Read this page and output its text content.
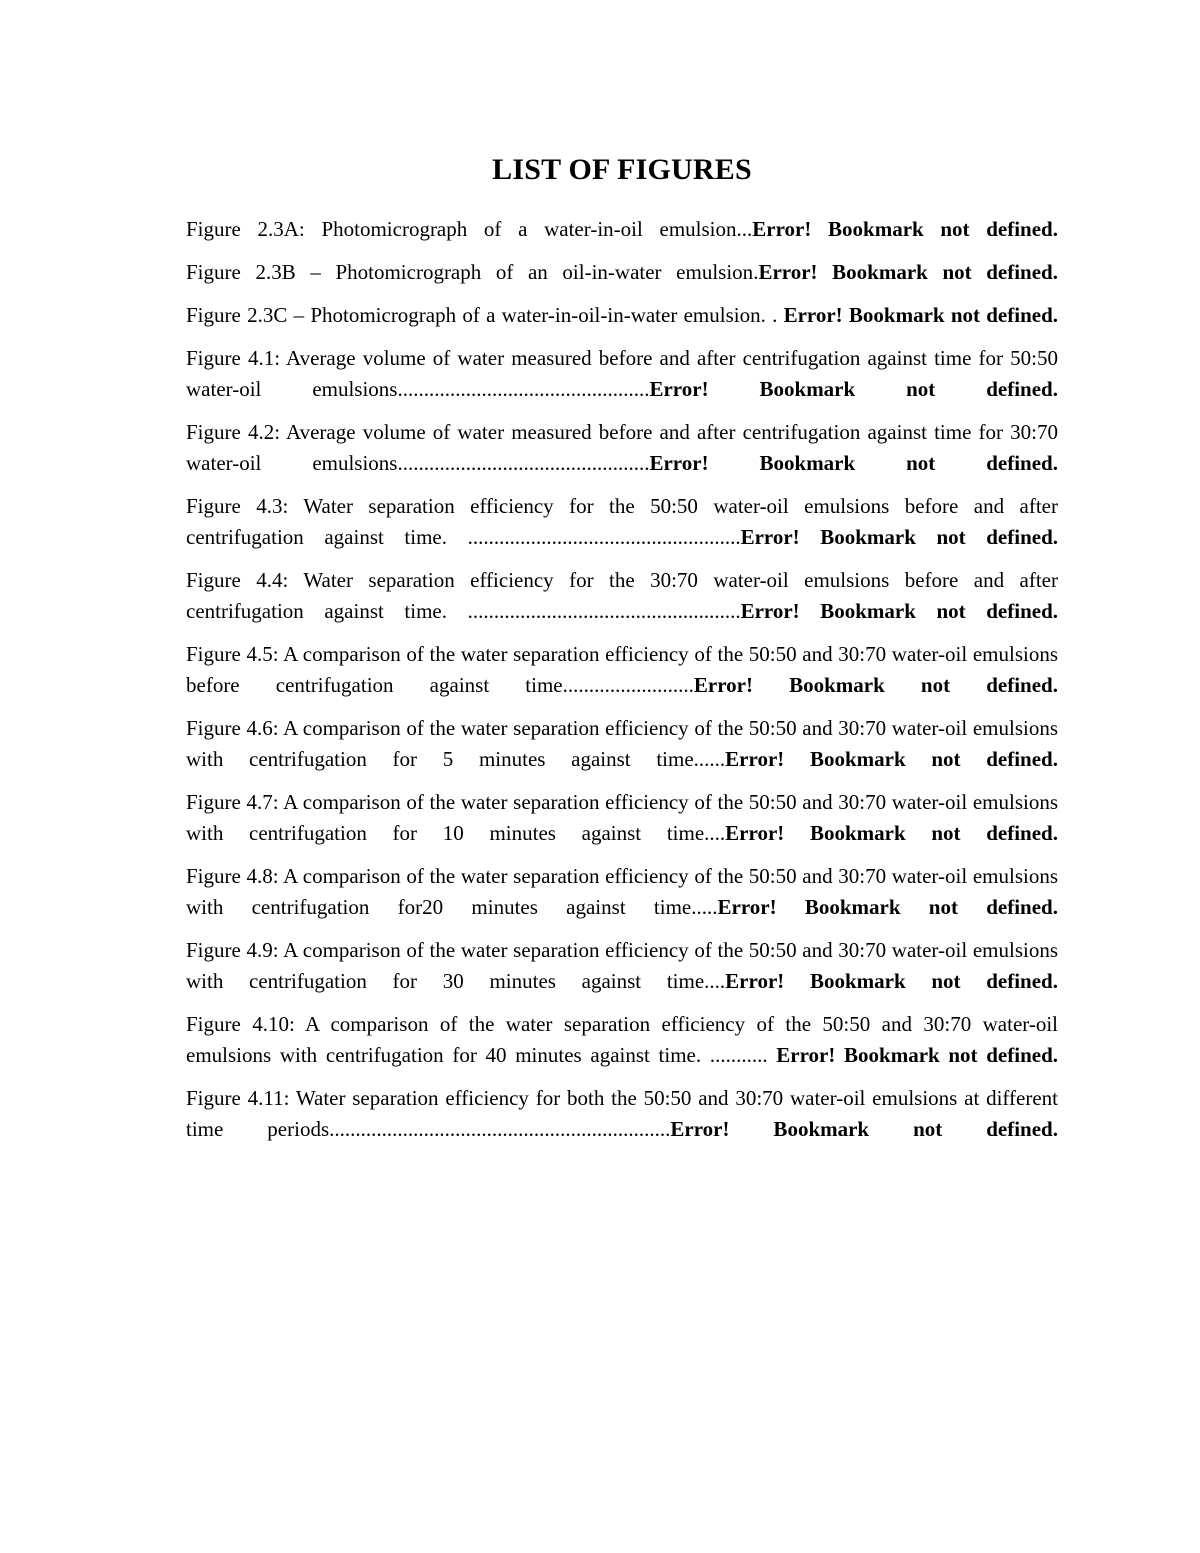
LIST OF FIGURES
Figure 2.3A: Photomicrograph of a water-in-oil emulsion...Error! Bookmark not defined.
Figure 2.3B – Photomicrograph of an oil-in-water emulsion.Error! Bookmark not defined.
Figure 2.3C – Photomicrograph of a water-in-oil-in-water emulsion. . Error! Bookmark not defined.
Figure 4.1: Average volume of water measured before and after centrifugation against time for 50:50 water-oil emulsions................................................Error! Bookmark not defined.
Figure 4.2: Average volume of water measured before and after centrifugation against time for 30:70 water-oil emulsions................................................Error! Bookmark not defined.
Figure 4.3: Water separation efficiency for the 50:50 water-oil emulsions before and after centrifugation against time. ....................................................Error! Bookmark not defined.
Figure 4.4: Water separation efficiency for the 30:70 water-oil emulsions before and after centrifugation against time. ....................................................Error! Bookmark not defined.
Figure 4.5: A comparison of the water separation efficiency of the 50:50 and 30:70 water-oil emulsions before centrifugation against time.........................Error! Bookmark not defined.
Figure 4.6: A comparison of the water separation efficiency of the 50:50 and 30:70 water-oil emulsions with centrifugation for 5 minutes against time......Error! Bookmark not defined.
Figure 4.7: A comparison of the water separation efficiency of the 50:50 and 30:70 water-oil emulsions with centrifugation for 10 minutes against time....Error! Bookmark not defined.
Figure 4.8: A comparison of the water separation efficiency of the 50:50 and 30:70 water-oil emulsions with centrifugation for20 minutes against time.....Error! Bookmark not defined.
Figure 4.9: A comparison of the water separation efficiency of the 50:50 and 30:70 water-oil emulsions with centrifugation for 30 minutes against time....Error! Bookmark not defined.
Figure 4.10: A comparison of the water separation efficiency of the 50:50 and 30:70 water-oil emulsions with centrifugation for 40 minutes against time. ........... Error! Bookmark not defined.
Figure 4.11: Water separation efficiency for both the 50:50 and 30:70 water-oil emulsions at different time periods.................................................................Error! Bookmark not defined.
